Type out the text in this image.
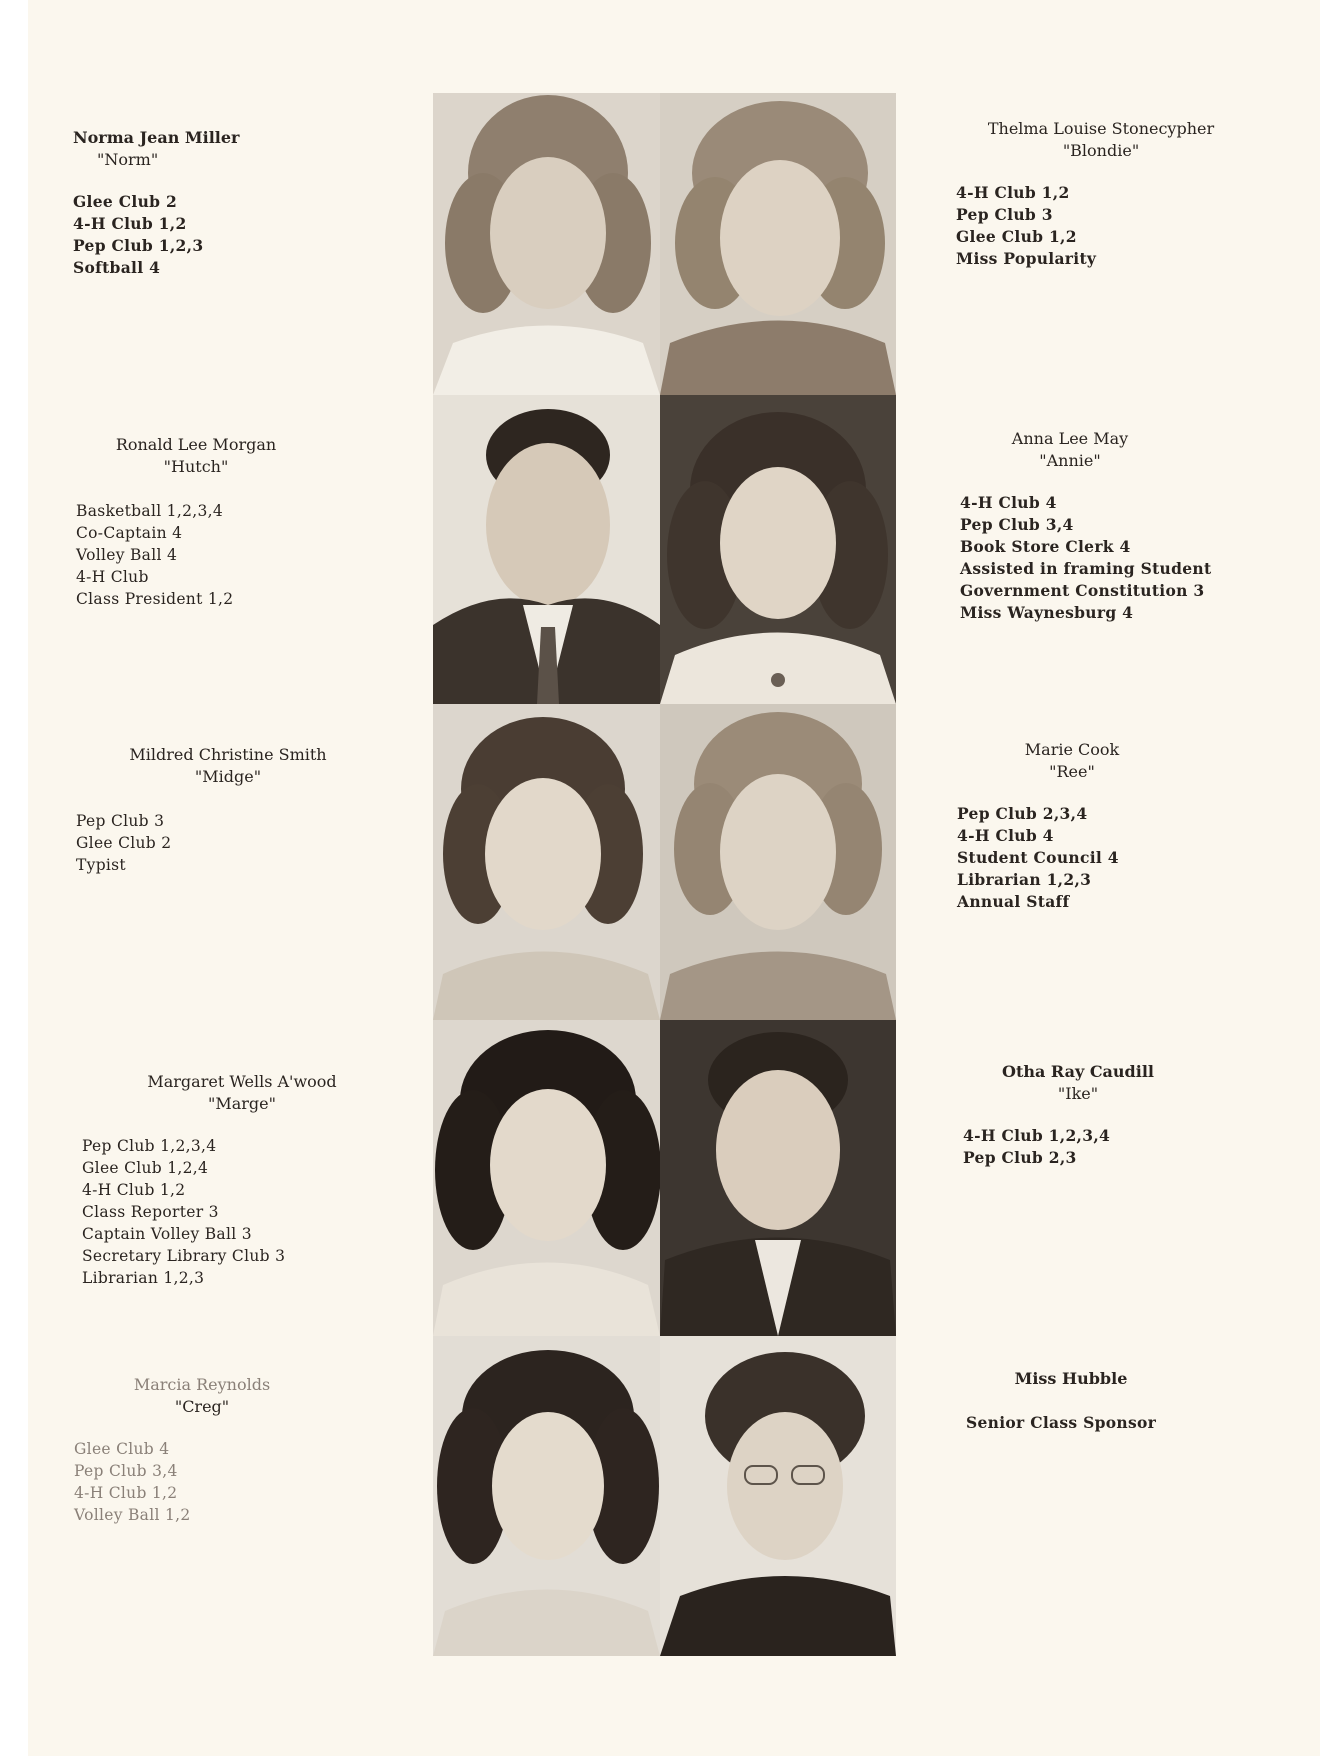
Norma Jean Miller
"Norm"
Glee Club 2
4-H Club 1,2
Pep Club 1,2,3
Softball 4
Thelma Louise Stonecypher
"Blondie"
4-H Club 1,2
Pep Club 3
Glee Club 1,2
Miss Popularity
Ronald Lee Morgan
"Hutch"
Basketball 1,2,3,4
Co-Captain 4
Volley Ball 4
4-H Club
Class President 1,2
Anna Lee May
"Annie"
4-H Club 4
Pep Club 3,4
Book Store Clerk 4
Assisted in framing Student
Government Constitution 3
Miss Waynesburg 4
Mildred Christine Smith
"Midge"
Pep Club 3
Glee Club 2
Typist
Marie Cook
"Ree"
Pep Club 2,3,4
4-H Club 4
Student Council 4
Librarian 1,2,3
Annual Staff
Margaret Wells A'wood
"Marge"
Pep Club 1,2,3,4
Glee Club 1,2,4
4-H Club 1,2
Class Reporter 3
Captain Volley Ball 3
Secretary Library Club 3
Librarian 1,2,3
Otha Ray Caudill
"Ike"
4-H Club 1,2,3,4
Pep Club 2,3
Marcia Reynolds
"Creg"
Glee Club 4
Pep Club 3,4
4-H Club 1,2
Volley Ball 1,2
Miss Hubble
Senior Class Sponsor
